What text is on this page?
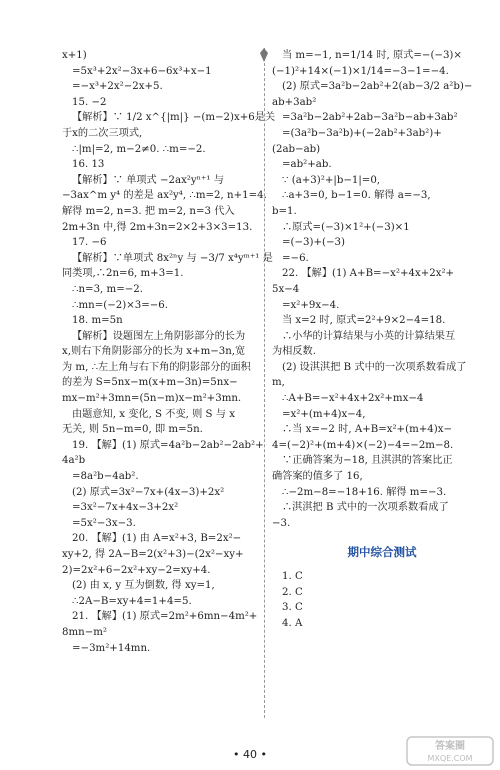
x+1)
=5x³+2x²−3x+6−6x³+x−1
=−x³+2x²−2x+5.
15. −2
【解析】∵ 1/2 x^{|m|} −(m−2)x+6是关
于x的二次三项式,
∴|m|=2, m−2≠0. ∴m=−2.
16. 13
【解析】∵ 单项式 −2ax²yⁿ⁺¹ 与
−3ax^m y⁴ 的差是 ax²y⁴, ∴m=2, n+1=4.
解得 m=2, n=3. 把 m=2, n=3 代入
2m+3n 中,得 2m+3n=2×2+3×3=13.
17. −6
【解析】∵单项式 8x²ⁿy 与 −3/7 x⁴yᵐ⁺¹ 是
同类项,∴2n=6, m+3=1.
∴n=3, m=−2.
∴mn=(−2)×3=−6.
18. m=5n
【解析】设题图左上角阴影部分的长为
x,则右下角阴影部分的长为 x+m−3n,宽
为 m, ∴左上角与右下角的阴影部分的面积
的差为 S=5nx−m(x+m−3n)=5nx−
mx−m²+3mn=(5n−m)x−m²+3mn.
由题意知, x 变化, S 不变, 则 S 与 x
无关, 则 5n−m=0, 即 m=5n.
19. 【解】(1) 原式=4a²b−2ab²−2ab²+
4a²b
=8a²b−4ab².
(2) 原式=3x²−7x+(4x−3)+2x²
=3x²−7x+4x−3+2x²
=5x²−3x−3.
20. 【解】(1) 由 A=x²+3, B=2x²−
xy+2, 得 2A−B=2(x²+3)−(2x²−xy+
2)=2x²+6−2x²+xy−2=xy+4.
(2) 由 x, y 互为倒数, 得 xy=1,
∴2A−B=xy+4=1+4=5.
21. 【解】(1) 原式=2m²+6mn−4m²+
8mn−m²
=−3m²+14mn.
当 m=−1, n=1/14 时, 原式=−(−3)×
(−1)²+14×(−1)×1/14=−3−1=−4.
(2) 原式=3a²b−2ab²+2(ab−3/2 a²b)−
ab+3ab²
=3a²b−2ab²+2ab−3a²b−ab+3ab²
=(3a²b−3a²b)+(−2ab²+3ab²)+
(2ab−ab)
=ab²+ab.
∵ (a+3)²+|b−1|=0,
∴a+3=0, b−1=0. 解得 a=−3,
b=1.
∴原式=(−3)×1²+(−3)×1
=(−3)+(−3)
=−6.
22. 【解】(1) A+B=−x²+4x+2x²+
5x−4
=x²+9x−4.
当 x=2 时, 原式=2²+9×2−4=18.
∴小华的计算结果与小英的计算结果互
为相反数.
(2) 设淇淇把 B 式中的一次项系数看成了
m,
∴A+B=−x²+4x+2x²+mx−4
=x²+(m+4)x−4,
∴当 x=−2 时, A+B=x²+(m+4)x−
4=(−2)²+(m+4)×(−2)−4=−2m−8.
∵正确答案为−18, 且淇淇的答案比正
确答案的值多了 16,
∴−2m−8=−18+16. 解得 m=−3.
∴淇淇把 B 式中的一次项系数看成了
−3.
期中综合测试
1. C
2. C
3. C
4. A
• 40 •
答案圈
MXQE.COM
